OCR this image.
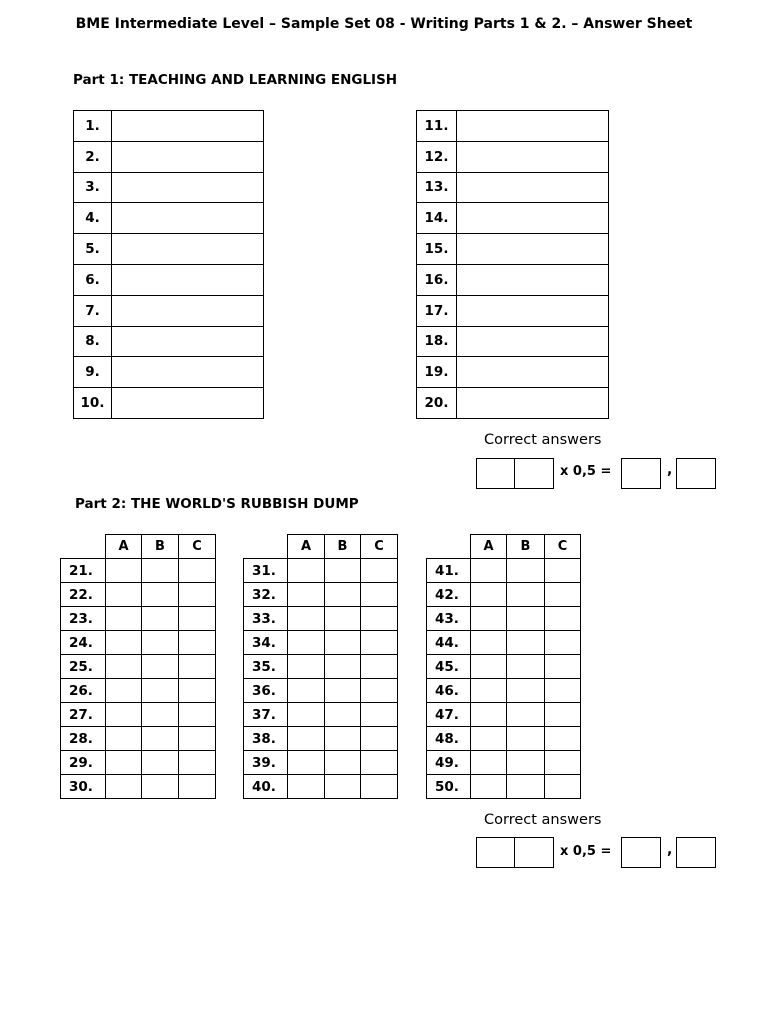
BME Intermediate Level – Sample Set 08 - Writing Parts 1 & 2. – Answer Sheet
Part 1: TEACHING AND LEARNING ENGLISH
1.	
2.	
3.	
4.	
5.	
6.	
7.	
8.	
9.	
10.	
11.	
12.	
13.	
14.	
15.	
16.	
17.	
18.	
19.	
20.	
Correct answers
x 0,5 =	,
Part 2: THE WORLD'S RUBBISH DUMP
	A	B	C
21.			
22.			
23.			
24.			
25.			
26.			
27.			
28.			
29.			
30.			
	A	B	C
31.			
32.			
33.			
34.			
35.			
36.			
37.			
38.			
39.			
40.			
	A	B	C
41.			
42.			
43.			
44.			
45.			
46.			
47.			
48.			
49.			
50.			
Correct answers
x 0,5 =	,
